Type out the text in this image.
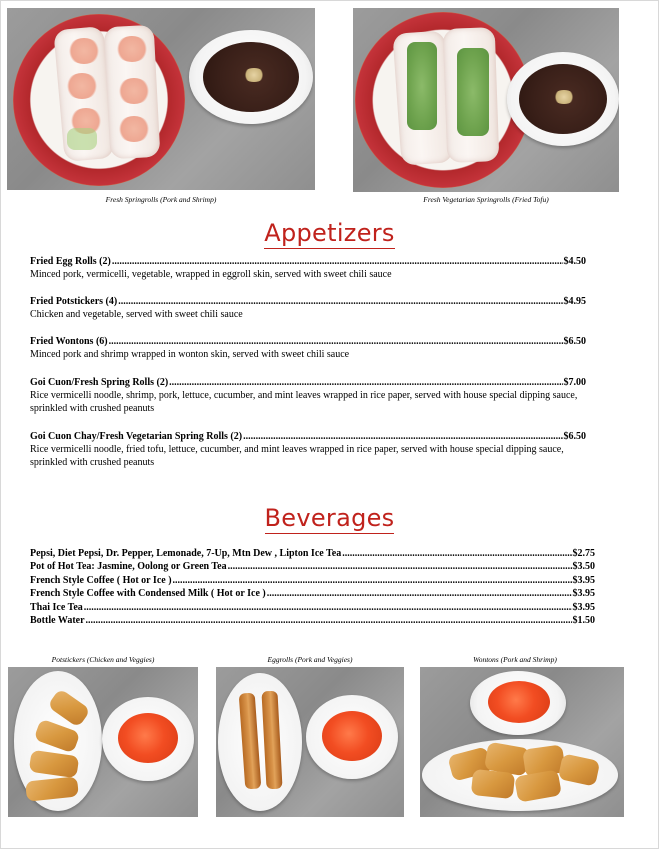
Fresh Springrolls (Pork and Shrimp)	Fresh Vegetarian Springrolls (Fried Tofu)
Appetizers
Fried Egg Rolls (2) .....	$4.50
Minced pork, vermicelli, vegetable, wrapped in eggroll skin, served with sweet chili sauce
Fried Potstickers (4) .....	$4.95
Chicken and vegetable, served with sweet chili sauce
Fried Wontons (6) .....	$6.50
Minced pork and shrimp wrapped in wonton skin, served with sweet chili sauce
Goi Cuon/Fresh Spring Rolls (2) .....	$7.00
Rice vermicelli noodle, shrimp, pork, lettuce, cucumber, and mint leaves wrapped in rice paper, served with house special dipping sauce, sprinkled with crushed peanuts
Goi Cuon Chay/Fresh Vegetarian Spring Rolls (2) .....	$6.50
Rice vermicelli noodle, fried tofu, lettuce, cucumber, and mint leaves wrapped in rice paper, served with house special dipping sauce, sprinkled with crushed peanuts
Beverages
Pepsi, Diet Pepsi, Dr. Pepper, Lemonade, 7-Up, Mtn Dew , Lipton Ice Tea .....	$2.75
Pot of Hot Tea: Jasmine, Oolong or Green Tea .....	$3.50
French Style Coffee ( Hot or Ice ) .....	$3.95
French Style Coffee with Condensed Milk ( Hot or Ice ) .....	$3.95
Thai Ice Tea .....	$3.95
Bottle Water .....	$1.50
Potstickers (Chicken and Veggies)	Eggrolls (Pork and Veggies)	Wontons (Pork and Shrimp)
